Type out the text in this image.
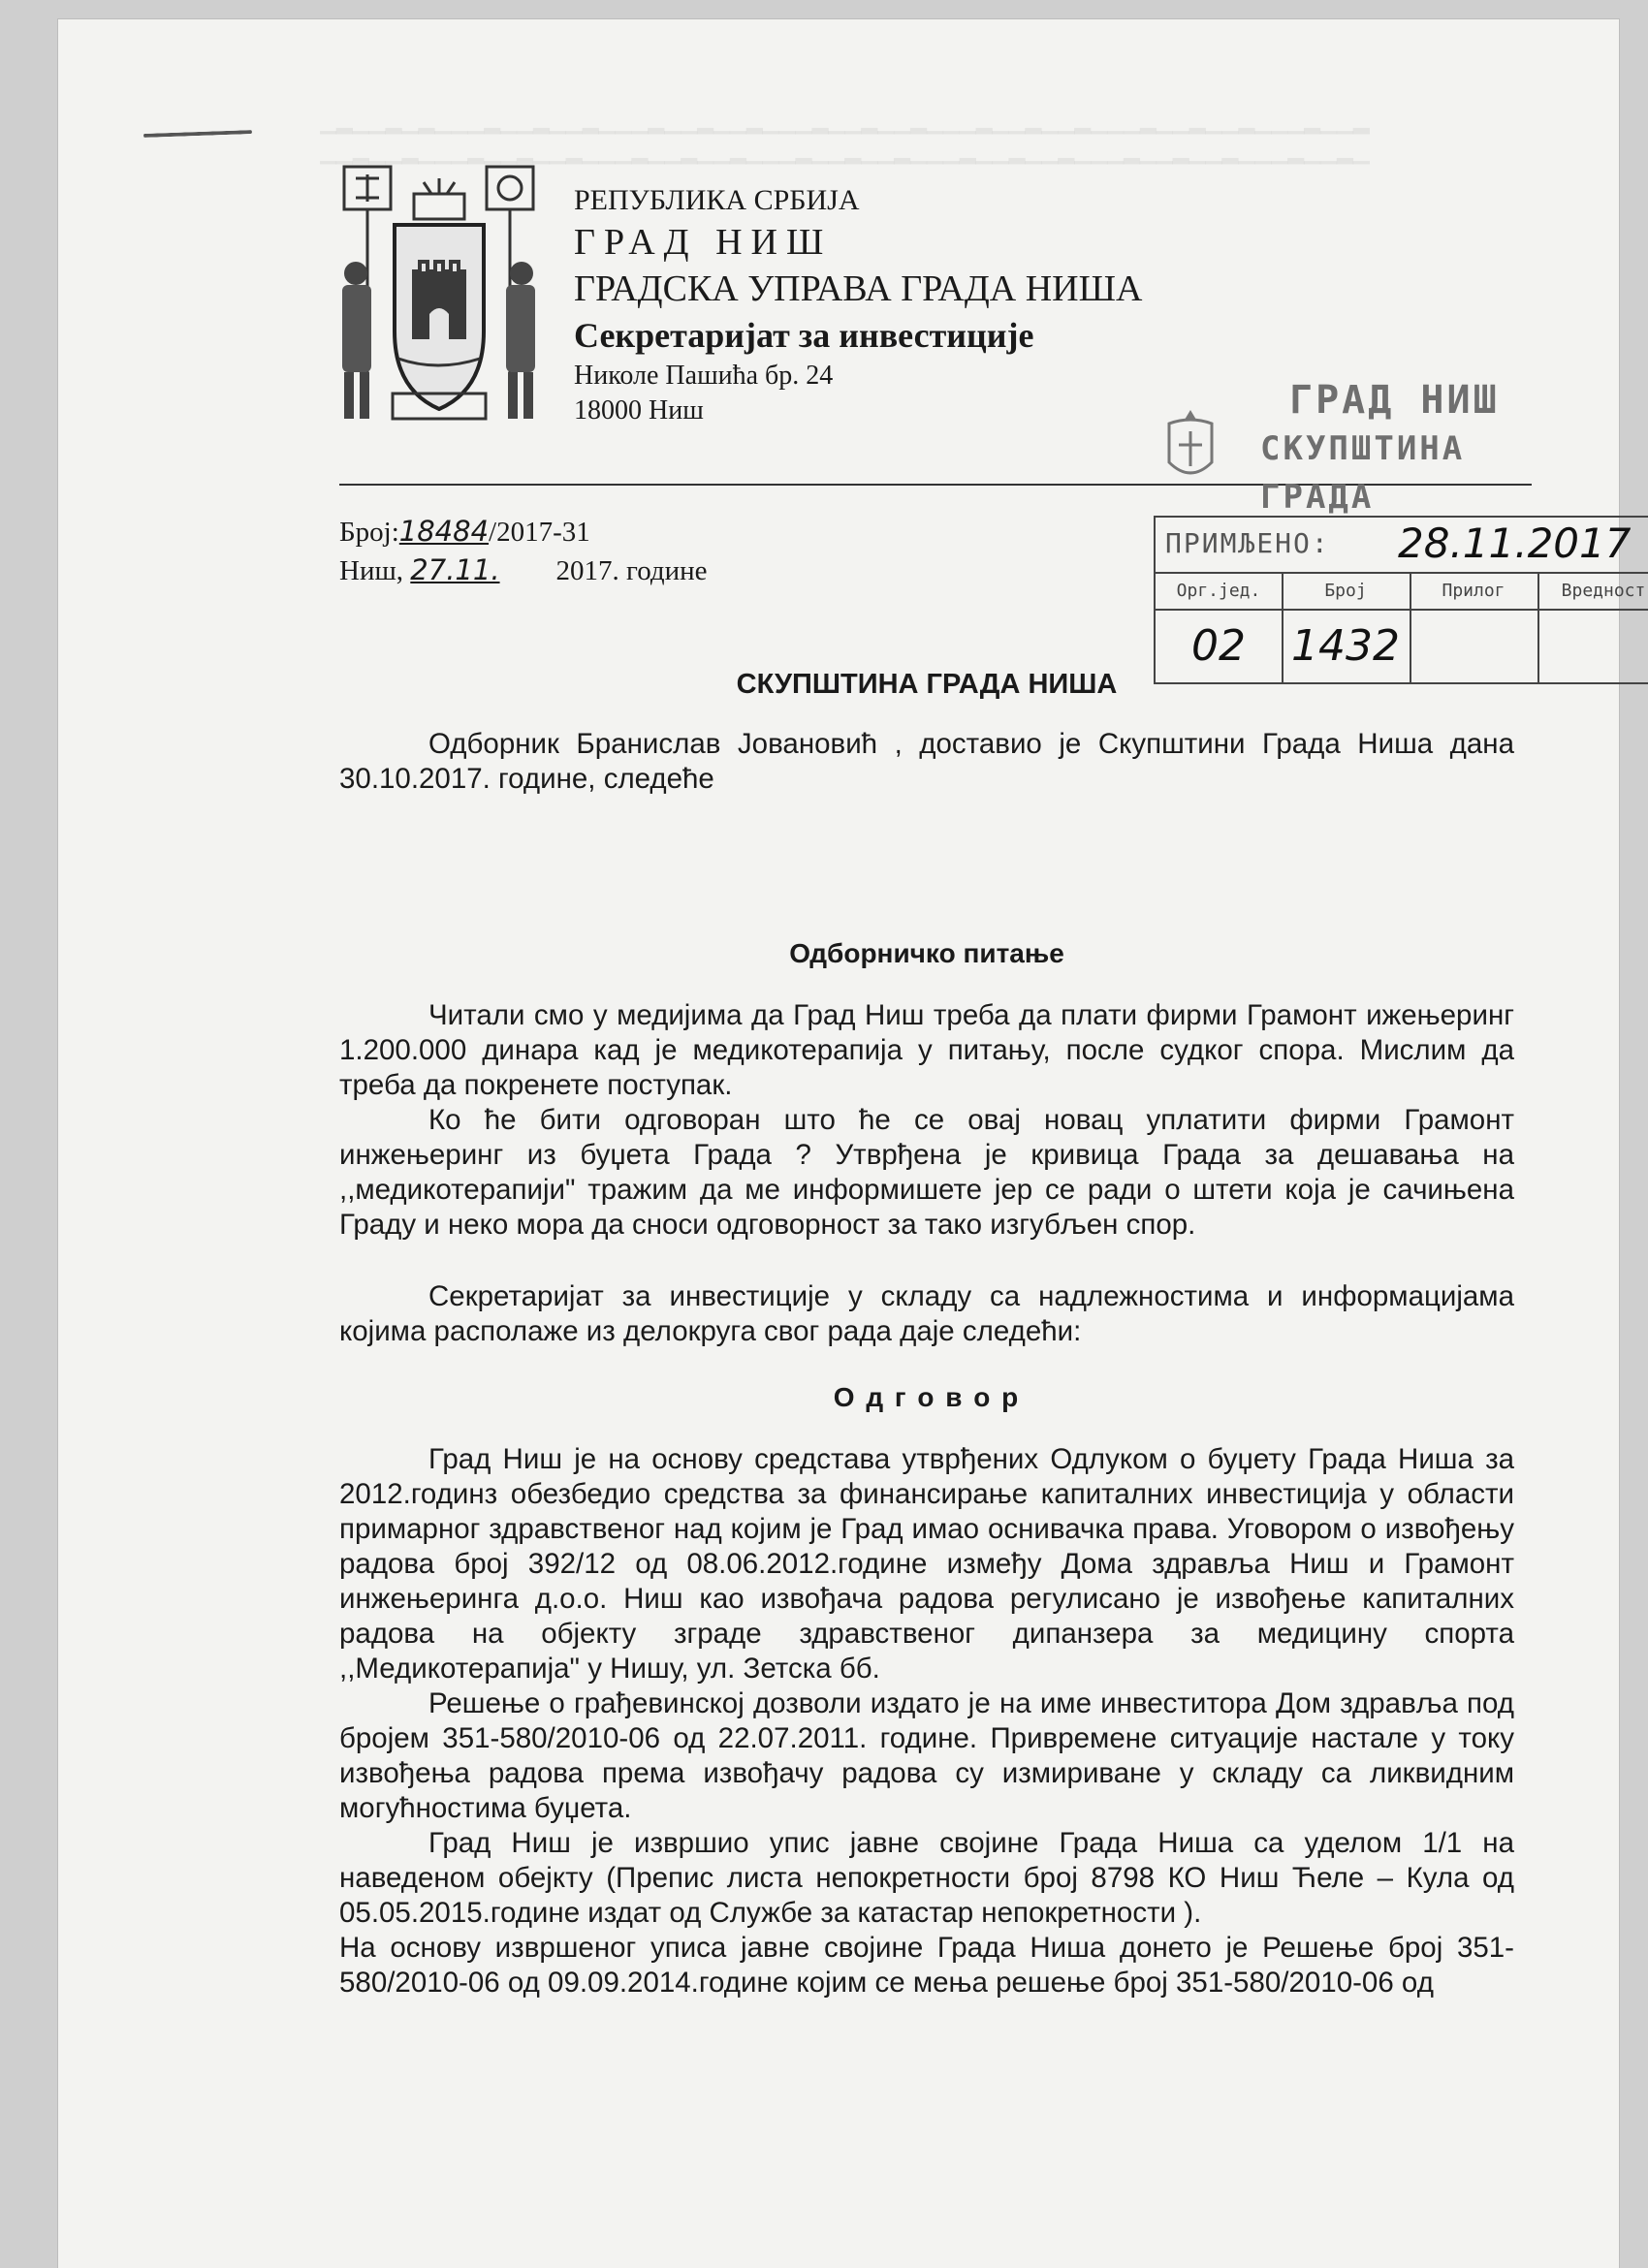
▁▂▁▁▂▁▂▁▁▁▂▁▁▂▁▁▂▁▁▁▂▁▁▂▁▁▂▁▁▁▂▁▁▂▁▁▂▁▁▁▂▁▁▂▁▁▂▁▁▁▂▁▁▂▁▁▂▁▁▁▂▁▁▂
▁▁▂▁▁▂▁▁▁▂▁▁▂▁▁▂▁▁▁▂▁▁▂▁▁▂▁▁▁▂▁▁▂▁▁▂▁▁▁▂▁▁▂▁▁▂▁▁▁▂▁▁▂▁▁▂▁▁▁▂▁▁▂▁
РЕПУБЛИКА СРБИЈА
ГРАД НИШ
ГРАДСКА УПРАВА ГРАДА НИША
Секретаријат за инвестиције
Николе Пашића бр. 24
18000 Ниш
Број:18484/2017-31
Ниш, 27.11. 2017. године
ГРАД НИШ
СКУПШТИНА ГРАДА
ПРИМЉЕНО: 28.11.2017
Орг.јед.
02
Број
1432
Прилог	Вредност
СКУПШТИНА ГРАДА НИША

Одборник Бранислав Јовановић , доставио је Скупштини Града Ниша дана 30.10.2017. године, следеће

Одборничко питање

Читали смо у медијима да Град Ниш треба да плати фирми Грамонт ижењеринг 1.200.000 динара кад је медикотерапија у питању, после судког спора. Мислим да треба да покренете поступак.

Ко ће бити одговоран што ће се овај новац уплатити фирми Грамонт инжењеринг из буџета Града ? Утврђена је кривица Града за дешавања на ,,медикотерапији" тражим да ме информишете јер се ради о штети која је сачињена Граду и неко мора да сноси одговорност за тако изгубљен спор.

Секретаријат за инвестиције у складу са надлежностима и информацијама којима располаже из делокруга свог рада даје следећи:

О д г о в о р

Град Ниш је на основу средстава утврђених Одлуком о буџету Града Ниша за 2012.годинз обезбедио средства за финансирање капиталних инвестиција у области примарног здравственог над којим је Град имао оснивачка права. Уговором о извођењу радова број 392/12 од 08.06.2012.године између Дома здравља Ниш и Грамонт инжењеринга д.о.о. Ниш као извођача радова регулисано је извођење капиталних радова на објекту зграде здравственог дипанзера за медицину спорта ,,Медикотерапија" у Нишу, ул. Зетска бб.

Решење о грађевинској дозволи издато је на име инвеститора Дом здравља под бројем 351-580/2010-06 од 22.07.2011. године. Привремене ситуације настале у току извођења радова према извођачу радова су измириване у складу са ликвидним могућностима буџета.

Град Ниш је извршио упис јавне својине Града Ниша са уделом 1/1 на наведеном обејкту (Препис листа непокретности број 8798 КО Ниш Ћеле – Кула од 05.05.2015.године издат од Службе за катастар непокретности ).

На основу извршеног уписа јавне својине Града Ниша донето је Решење број 351-580/2010-06 од 09.09.2014.године којим се мења решење број 351-580/2010-06 од
